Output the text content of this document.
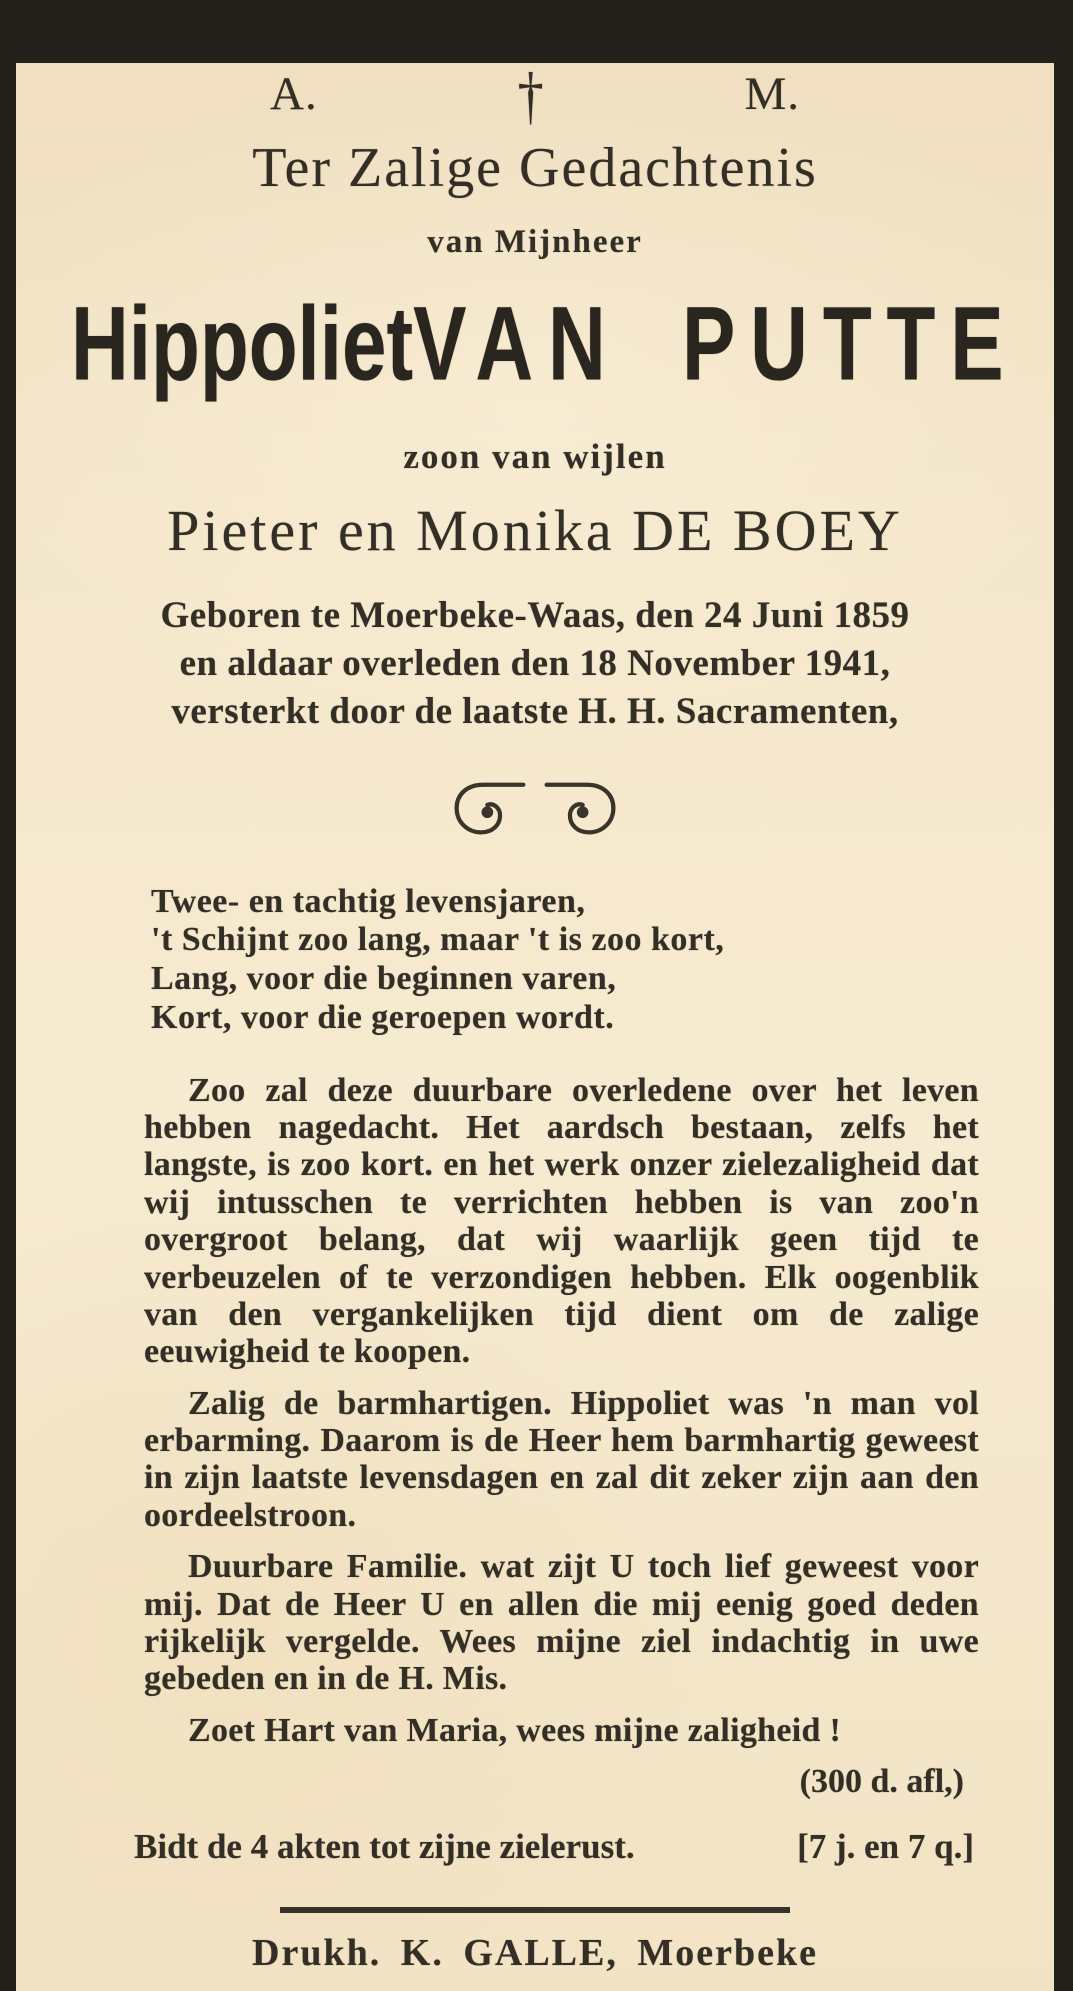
A.	†	M.
Ter Zalige Gedachtenis
van Mijnheer
Hippoliet VAN PUTTE
zoon van wijlen
Pieter en Monika DE BOEY
Geboren te Moerbeke-Waas, den 24 Juni 1859
en aldaar overleden den 18 November 1941,
versterkt door de laatste H. H. Sacramenten,
Twee- en tachtig levensjaren,
't Schijnt zoo lang, maar 't is zoo kort,
Lang, voor die beginnen varen,
Kort, voor die geroepen wordt.

Zoo zal deze duurbare overledene over het leven hebben nagedacht. Het aardsch bestaan, zelfs het langste, is zoo kort. en het werk onzer zielezaligheid dat wij intusschen te verrichten hebben is van zoo'n overgroot belang, dat wij waarlijk geen tijd te verbeuzelen of te verzondigen hebben. Elk oogenblik van den vergankelijken tijd dient om de zalige eeuwigheid te koopen.

Zalig de barmhartigen. Hippoliet was 'n man vol erbarming. Daarom is de Heer hem barmhartig geweest in zijn laatste levensdagen en zal dit zeker zijn aan den oordeelstroon.

Duurbare Familie. wat zijt U toch lief geweest voor mij. Dat de Heer U en allen die mij eenig goed deden rijkelijk vergelde. Wees mijne ziel indachtig in uwe gebeden en in de H. Mis.

Zoet Hart van Maria, wees mijne zaligheid !

(300 d. afl,)
Bidt de 4 akten tot zijne zielerust.	[7 j. en 7 q.]
Drukh. K. GALLE, Moerbeke
